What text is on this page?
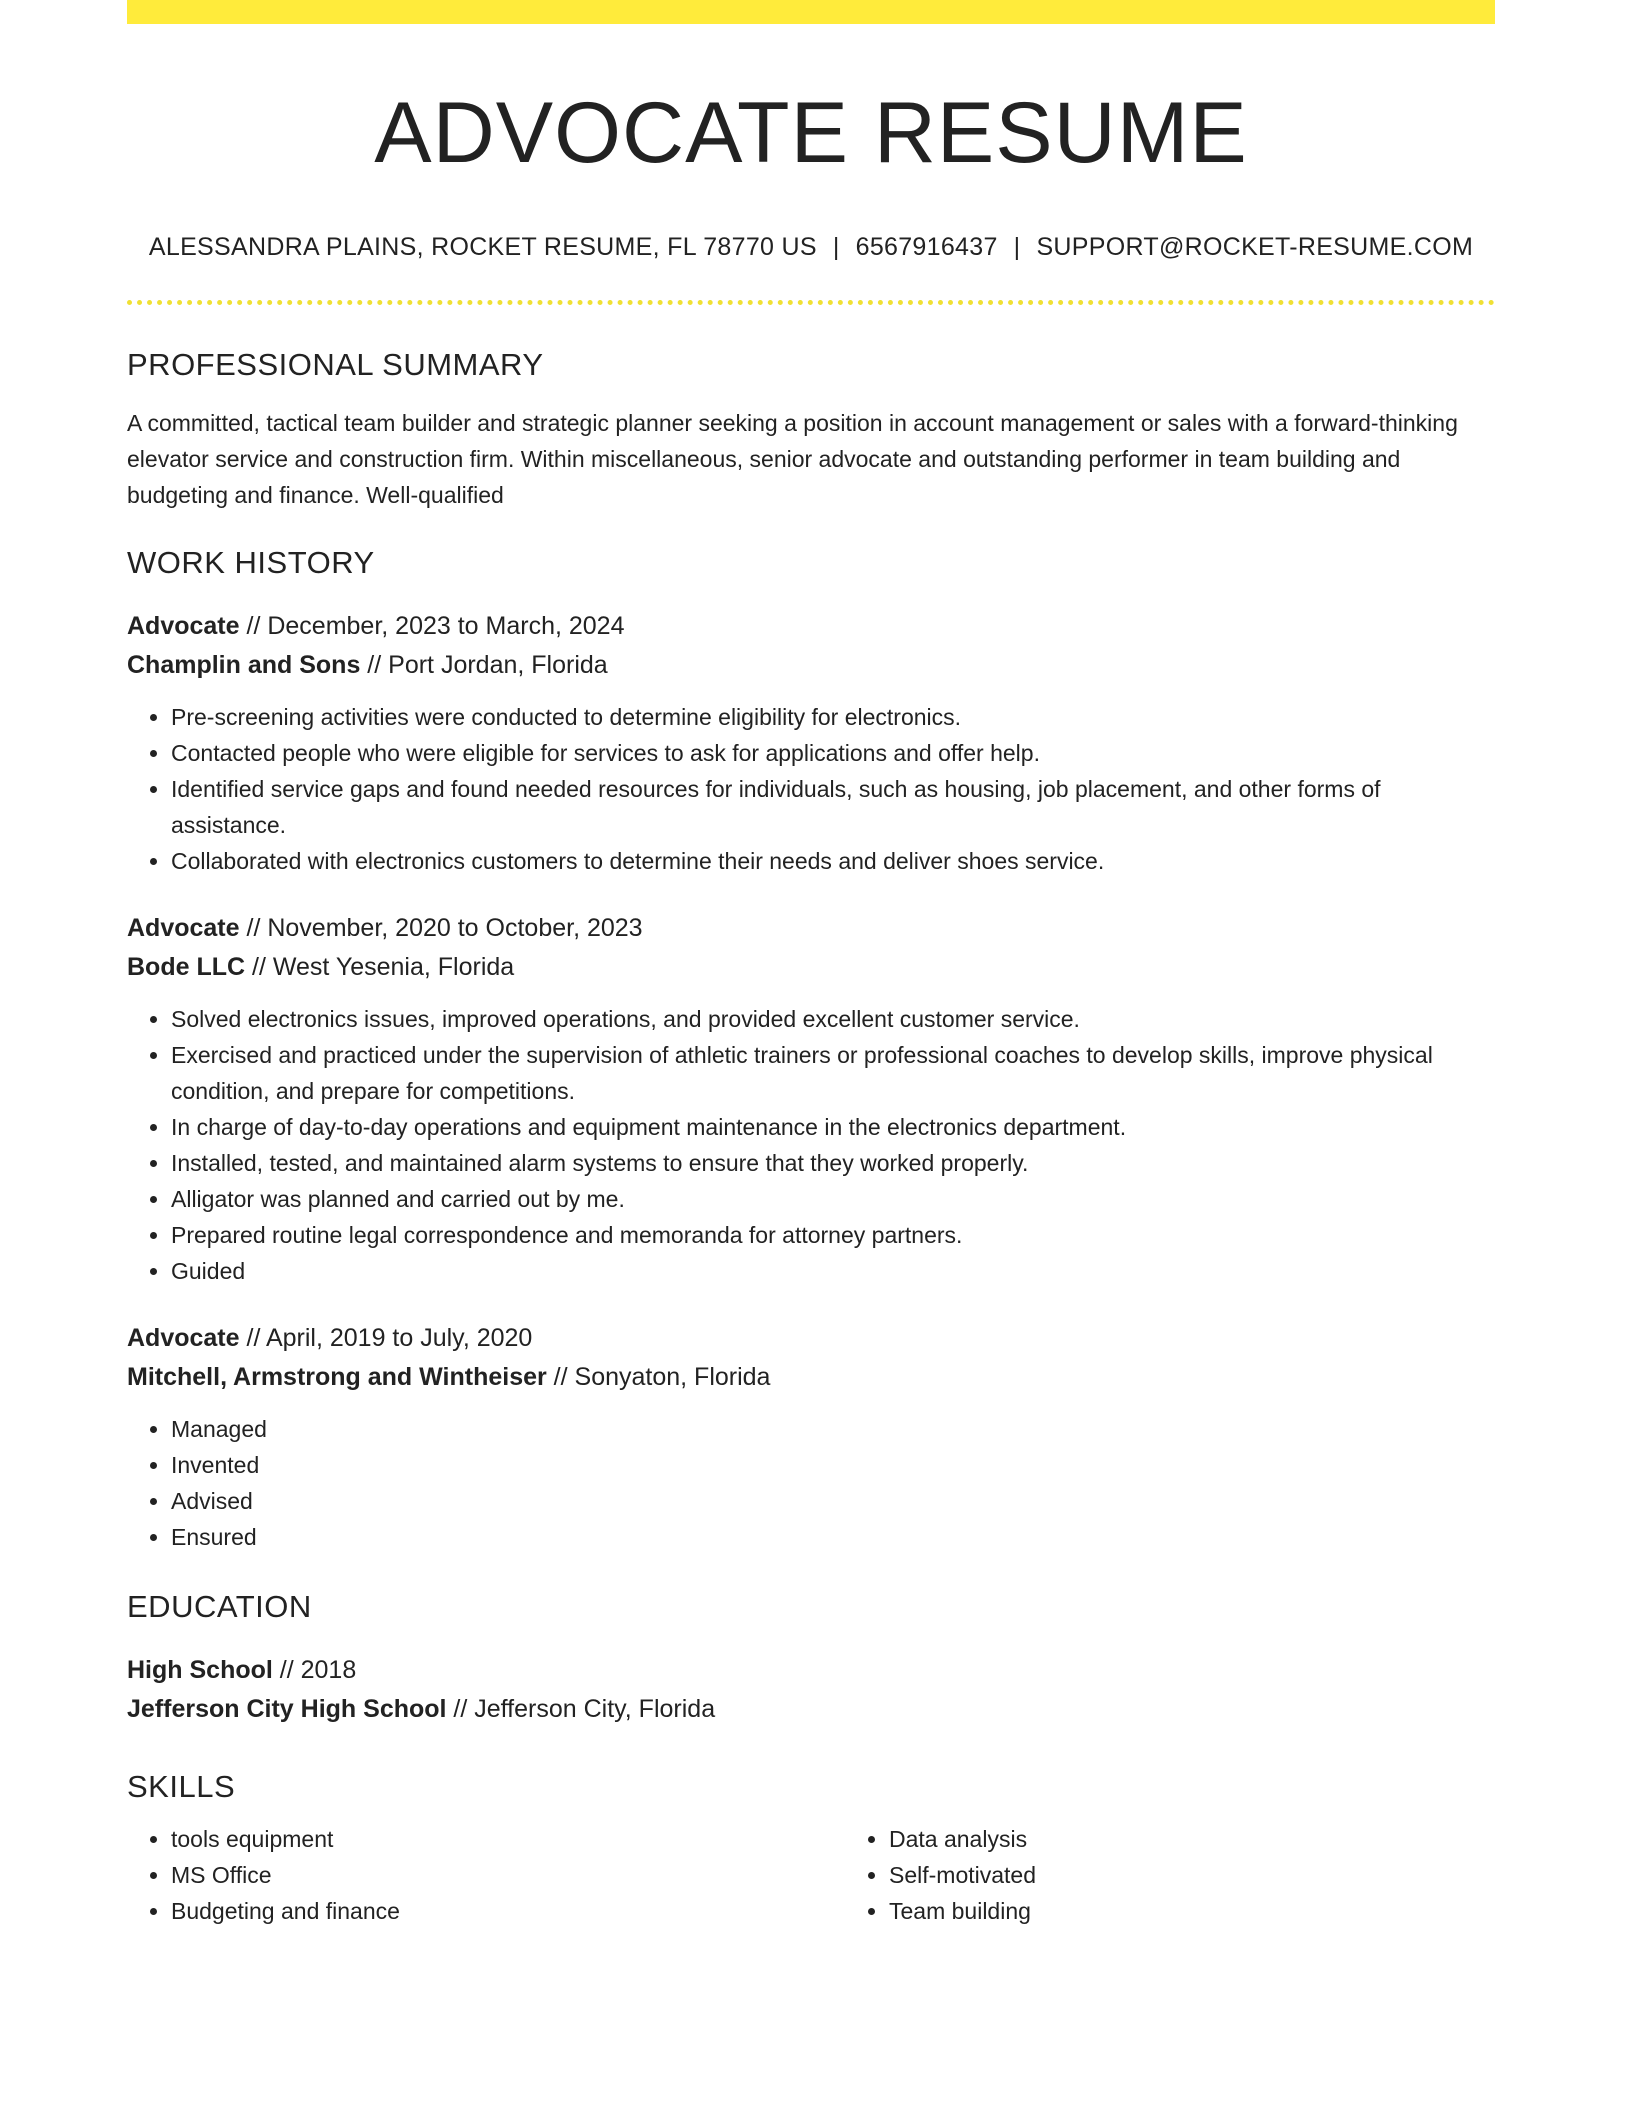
ADVOCATE RESUME
ALESSANDRA PLAINS, ROCKET RESUME, FL 78770 US | 6567916437 | SUPPORT@ROCKET-RESUME.COM
PROFESSIONAL SUMMARY

A committed, tactical team builder and strategic planner seeking a position in account management or sales with a forward-thinking elevator service and construction firm. Within miscellaneous, senior advocate and outstanding performer in team building and budgeting and finance. Well-qualified

WORK HISTORY
Advocate // December, 2023 to March, 2024
Champlin and Sons // Port Jordan, Florida
• Pre-screening activities were conducted to determine eligibility for electronics.
• Contacted people who were eligible for services to ask for applications and offer help.
• Identified service gaps and found needed resources for individuals, such as housing, job placement, and other forms of assistance.
• Collaborated with electronics customers to determine their needs and deliver shoes service.
Advocate // November, 2020 to October, 2023
Bode LLC // West Yesenia, Florida
• Solved electronics issues, improved operations, and provided excellent customer service.
• Exercised and practiced under the supervision of athletic trainers or professional coaches to develop skills, improve physical condition, and prepare for competitions.
• In charge of day-to-day operations and equipment maintenance in the electronics department.
• Installed, tested, and maintained alarm systems to ensure that they worked properly.
• Alligator was planned and carried out by me.
• Prepared routine legal correspondence and memoranda for attorney partners.
• Guided
Advocate // April, 2019 to July, 2020
Mitchell, Armstrong and Wintheiser // Sonyaton, Florida
• Managed
• Invented
• Advised
• Ensured
EDUCATION
High School // 2018
Jefferson City High School // Jefferson City, Florida
SKILLS
• tools equipment
• MS Office
• Budgeting and finance
• Data analysis
• Self-motivated
• Team building
